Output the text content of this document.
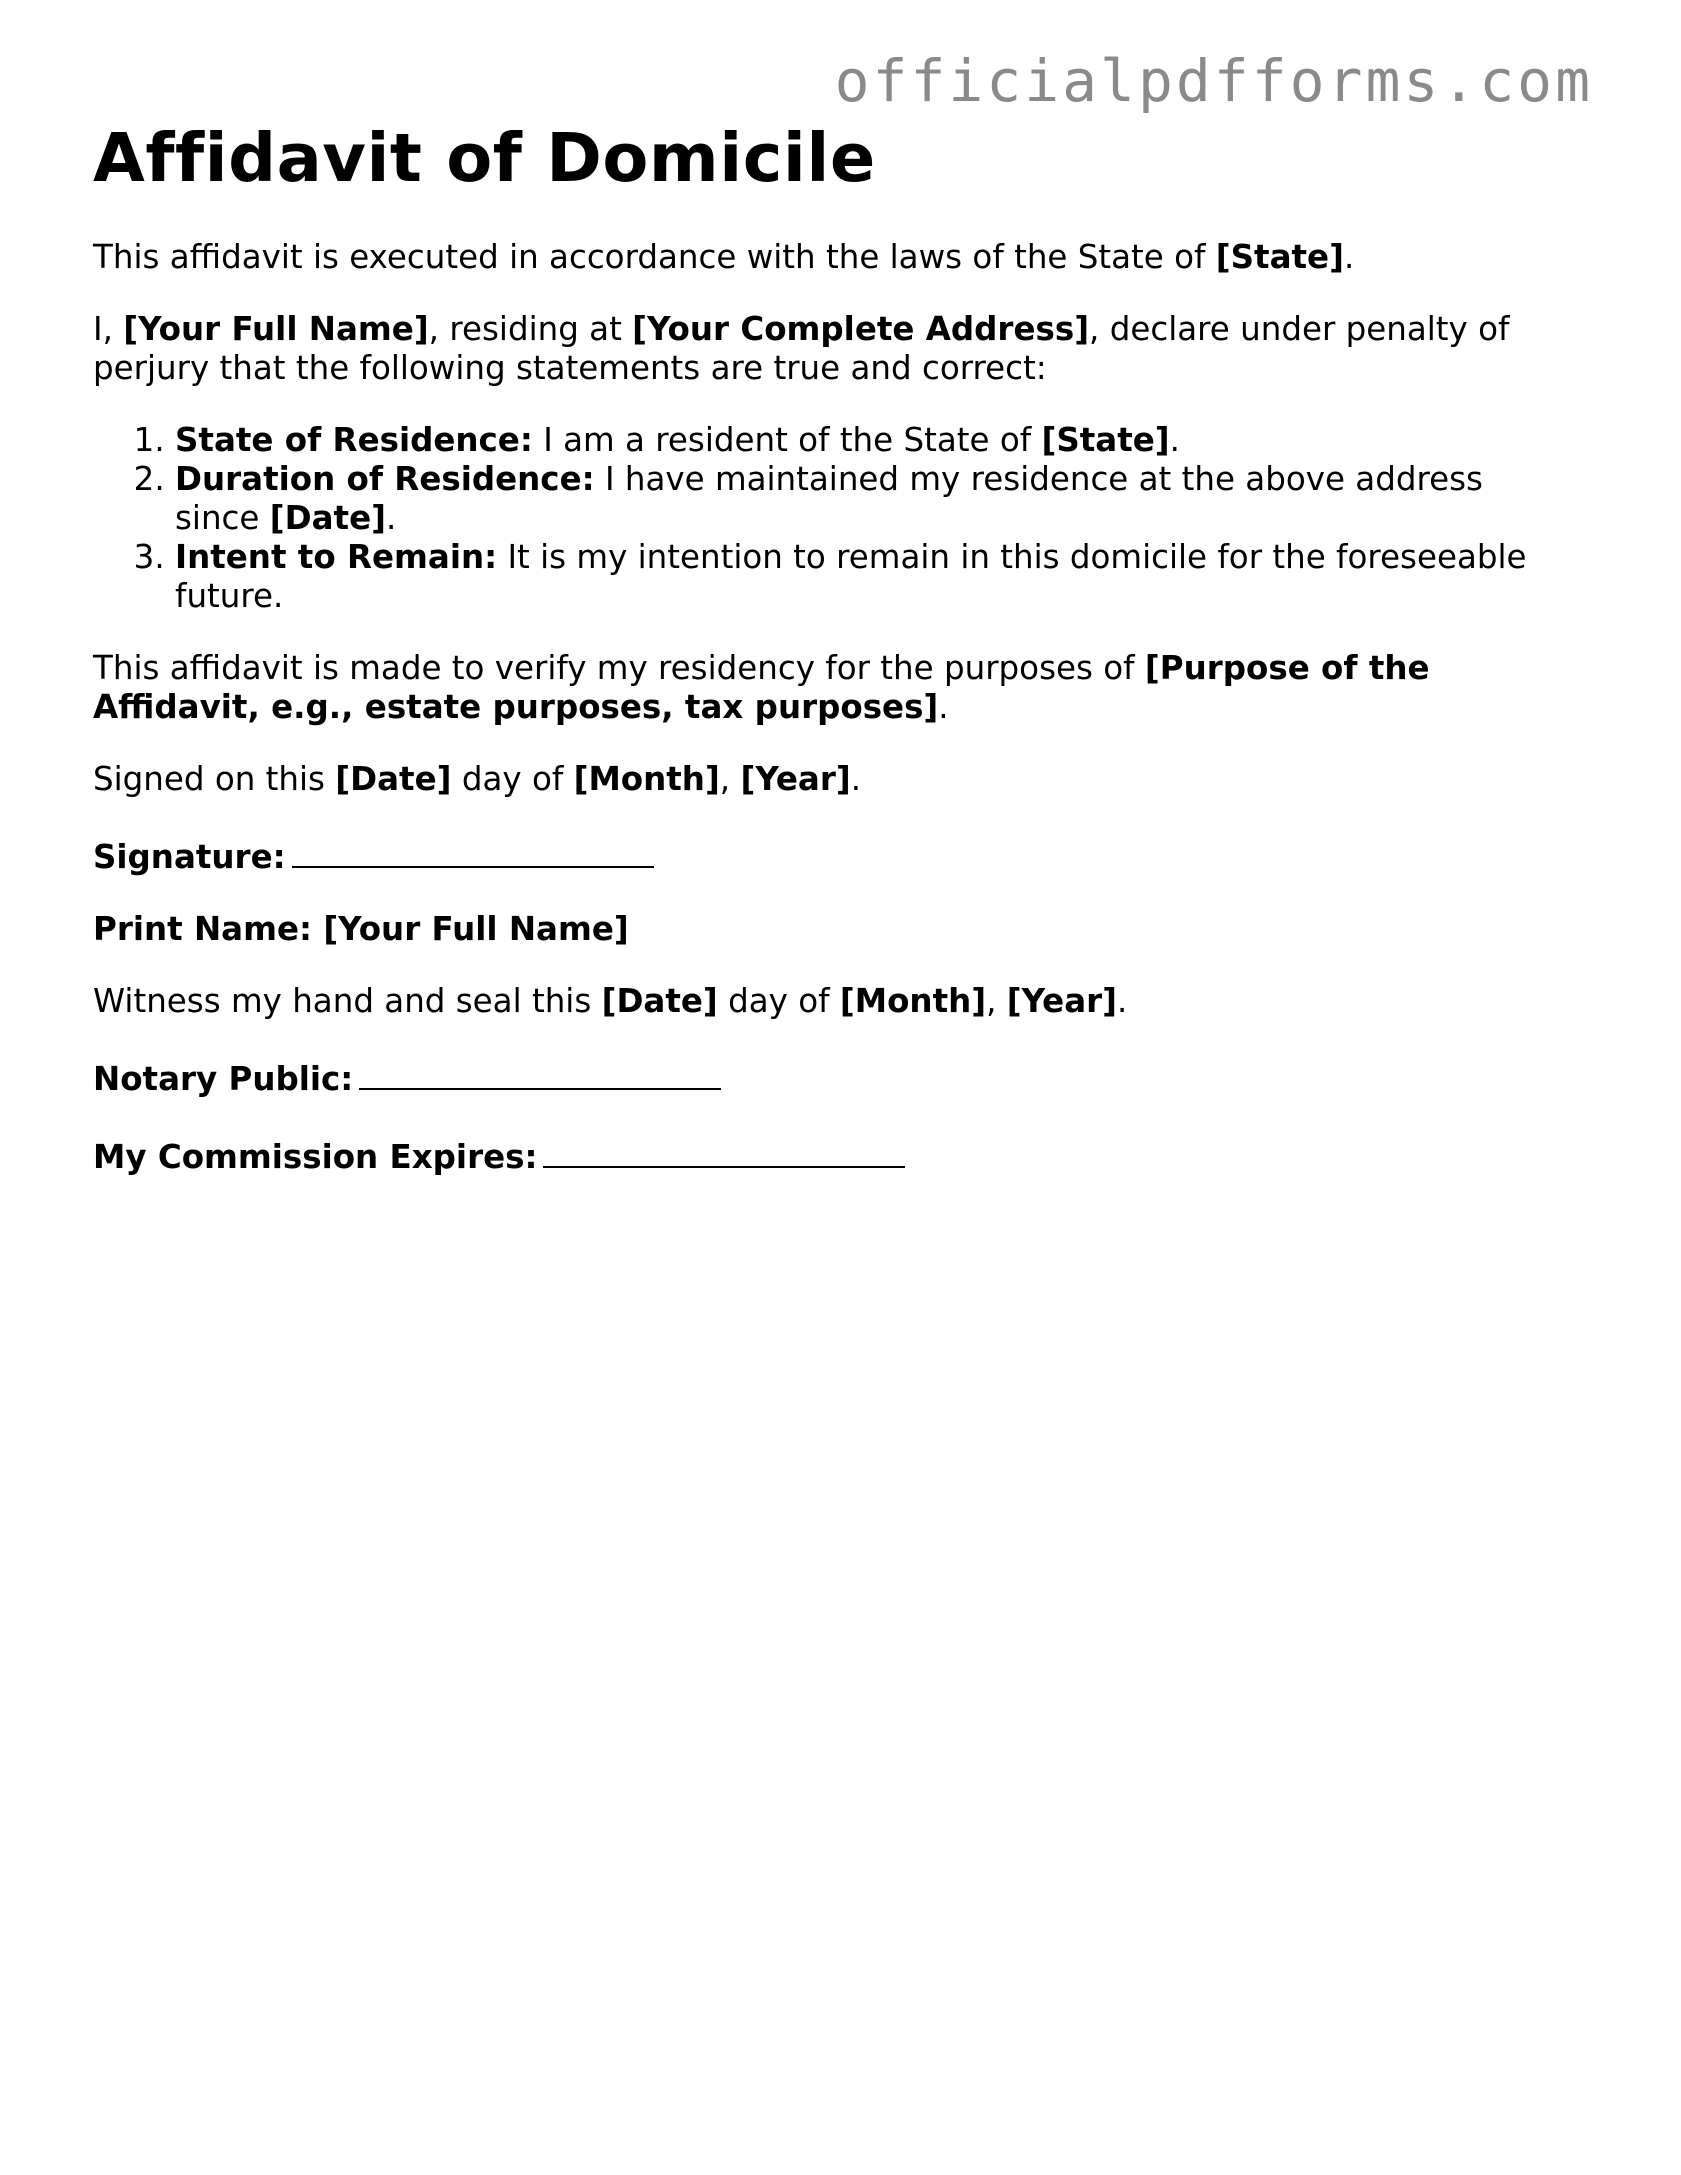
officialpdfforms.com
Affidavit of Domicile

This affidavit is executed in accordance with the laws of the State of [State].

I, [Your Full Name], residing at [Your Complete Address], declare under penalty of perjury that the following statements are true and correct:

1. State of Residence: I am a resident of the State of [State].
2. Duration of Residence: I have maintained my residence at the above address since [Date].
3. Intent to Remain: It is my intention to remain in this domicile for the foreseeable future.

This affidavit is made to verify my residency for the purposes of [Purpose of the Affidavit, e.g., estate purposes, tax purposes].

Signed on this [Date] day of [Month], [Year].

Signature:

Print Name: [Your Full Name]

Witness my hand and seal this [Date] day of [Month], [Year].

Notary Public:

My Commission Expires:
